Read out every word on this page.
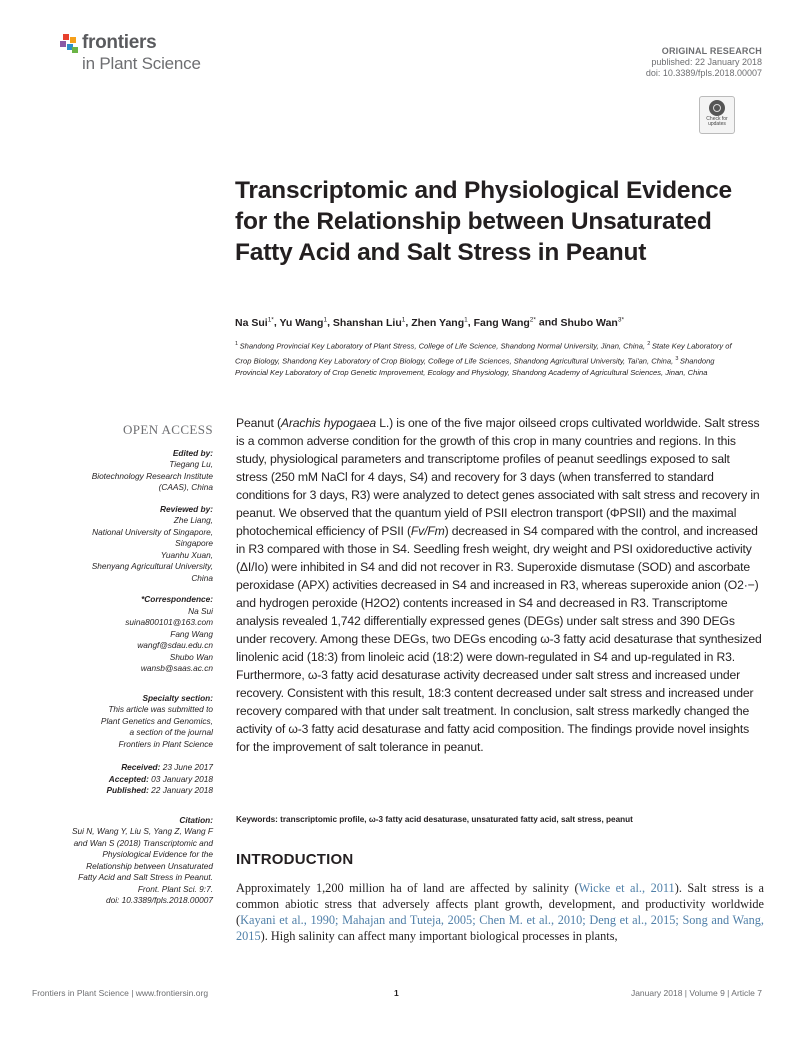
frontiers
in Plant Science
ORIGINAL RESEARCH
published: 22 January 2018
doi: 10.3389/fpls.2018.00007
Check for updates
Transcriptomic and Physiological Evidence for the Relationship between Unsaturated Fatty Acid and Salt Stress in Peanut
Na Sui$^{1*}$, Yu Wang$^1$, Shanshan Liu$^1$, Zhen Yang$^1$, Fang Wang$^{2*}$ and Shubo Wan$^{3*}$
$^1$ Shandong Provincial Key Laboratory of Plant Stress, College of Life Science, Shandong Normal University, Jinan, China, $^2$ State Key Laboratory of Crop Biology, Shandong Key Laboratory of Crop Biology, College of Life Sciences, Shandong Agricultural University, Tai'an, China, $^3$ Shandong Provincial Key Laboratory of Crop Genetic Improvement, Ecology and Physiology, Shandong Academy of Agricultural Sciences, Jinan, China
OPEN ACCESS
Edited by:
Tiegang Lu,
Biotechnology Research Institute
(CAAS), China
Reviewed by:
Zhe Liang,
National University of Singapore,
Singapore
Yuanhu Xuan,
Shenyang Agricultural University,
China
*Correspondence:
Na Sui
suina800101@163.com
Fang Wang
wangf@sdau.edu.cn
Shubo Wan
wansb@saas.ac.cn
Specialty section:
This article was submitted to
Plant Genetics and Genomics,
a section of the journal
Frontiers in Plant Science
Received: 23 June 2017
Accepted: 03 January 2018
Published: 22 January 2018
Citation:
Sui N, Wang Y, Liu S, Yang Z, Wang F
and Wan S (2018) Transcriptomic and
Physiological Evidence for the
Relationship between Unsaturated
Fatty Acid and Salt Stress in Peanut.
Front. Plant Sci. 9:7.
doi: 10.3389/fpls.2018.00007
Peanut (Arachis hypogaea L.) is one of the five major oilseed crops cultivated worldwide. Salt stress is a common adverse condition for the growth of this crop in many countries and regions. In this study, physiological parameters and transcriptome profiles of peanut seedlings exposed to salt stress (250 mM NaCl for 4 days, S4) and recovery for 3 days (when transferred to standard conditions for 3 days, R3) were analyzed to detect genes associated with salt stress and recovery in peanut. We observed that the quantum yield of PSII electron transport (ΦPSII) and the maximal photochemical efficiency of PSII (Fv/Fm) decreased in S4 compared with the control, and increased in R3 compared with those in S4. Seedling fresh weight, dry weight and PSI oxidoreductive activity (ΔI/Io) were inhibited in S4 and did not recover in R3. Superoxide dismutase (SOD) and ascorbate peroxidase (APX) activities decreased in S4 and increased in R3, whereas superoxide anion (O2·−) and hydrogen peroxide (H2O2) contents increased in S4 and decreased in R3. Transcriptome analysis revealed 1,742 differentially expressed genes (DEGs) under salt stress and 390 DEGs under recovery. Among these DEGs, two DEGs encoding ω-3 fatty acid desaturase that synthesized linolenic acid (18:3) from linoleic acid (18:2) were down-regulated in S4 and up-regulated in R3. Furthermore, ω-3 fatty acid desaturase activity decreased under salt stress and increased under recovery. Consistent with this result, 18:3 content decreased under salt stress and increased under recovery compared with that under salt treatment. In conclusion, salt stress markedly changed the activity of ω-3 fatty acid desaturase and fatty acid composition. The findings provide novel insights for the improvement of salt tolerance in peanut.
Keywords: transcriptomic profile, ω-3 fatty acid desaturase, unsaturated fatty acid, salt stress, peanut
INTRODUCTION
Approximately 1,200 million ha of land are affected by salinity (Wicke et al., 2011). Salt stress is a common abiotic stress that adversely affects plant growth, development, and productivity worldwide (Kayani et al., 1990; Mahajan and Tuteja, 2005; Chen M. et al., 2010; Deng et al., 2015; Song and Wang, 2015). High salinity can affect many important biological processes in plants,
Frontiers in Plant Science | www.frontiersin.org	1	January 2018 | Volume 9 | Article 7
